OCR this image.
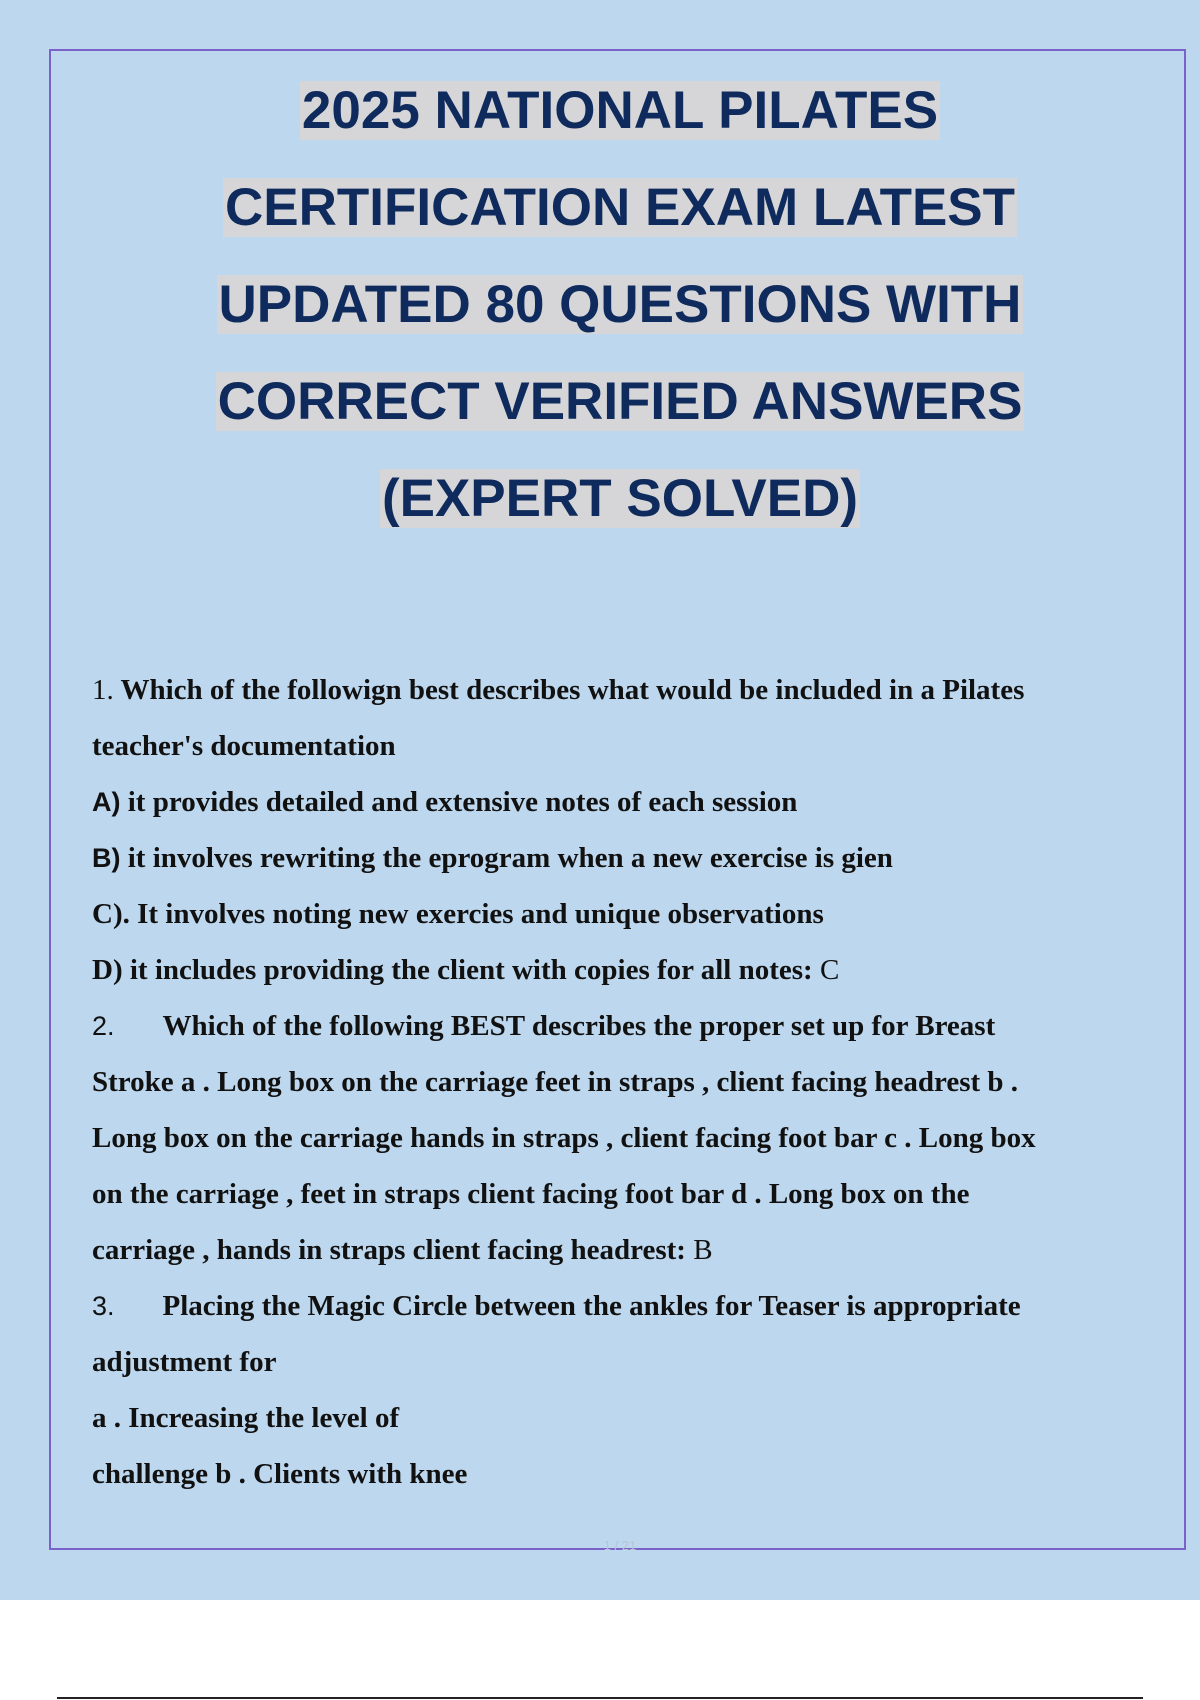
2025 NATIONAL PILATES
CERTIFICATION EXAM LATEST
UPDATED 80 QUESTIONS WITH
CORRECT VERIFIED ANSWERS
(EXPERT SOLVED)
1. Which of the followign best describes what would be included in a Pilates
teacher's documentation
A) it provides detailed and extensive notes of each session
B) it involves rewriting the eprogram when a new exercise is gien
C). It involves noting new exercies and unique observations
D) it includes providing the client with copies for all notes: C
2. Which of the following BEST describes the proper set up for Breast
Stroke a . Long box on the carriage feet in straps , client facing headrest b .
Long box on the carriage hands in straps , client facing foot bar c . Long box
on the carriage , feet in straps client facing foot bar d . Long box on the
carriage , hands in straps client facing headrest: B
3. Placing the Magic Circle between the ankles for Teaser is appropriate
adjustment for
a . Increasing the level of
challenge b . Clients with knee
1 / 21
